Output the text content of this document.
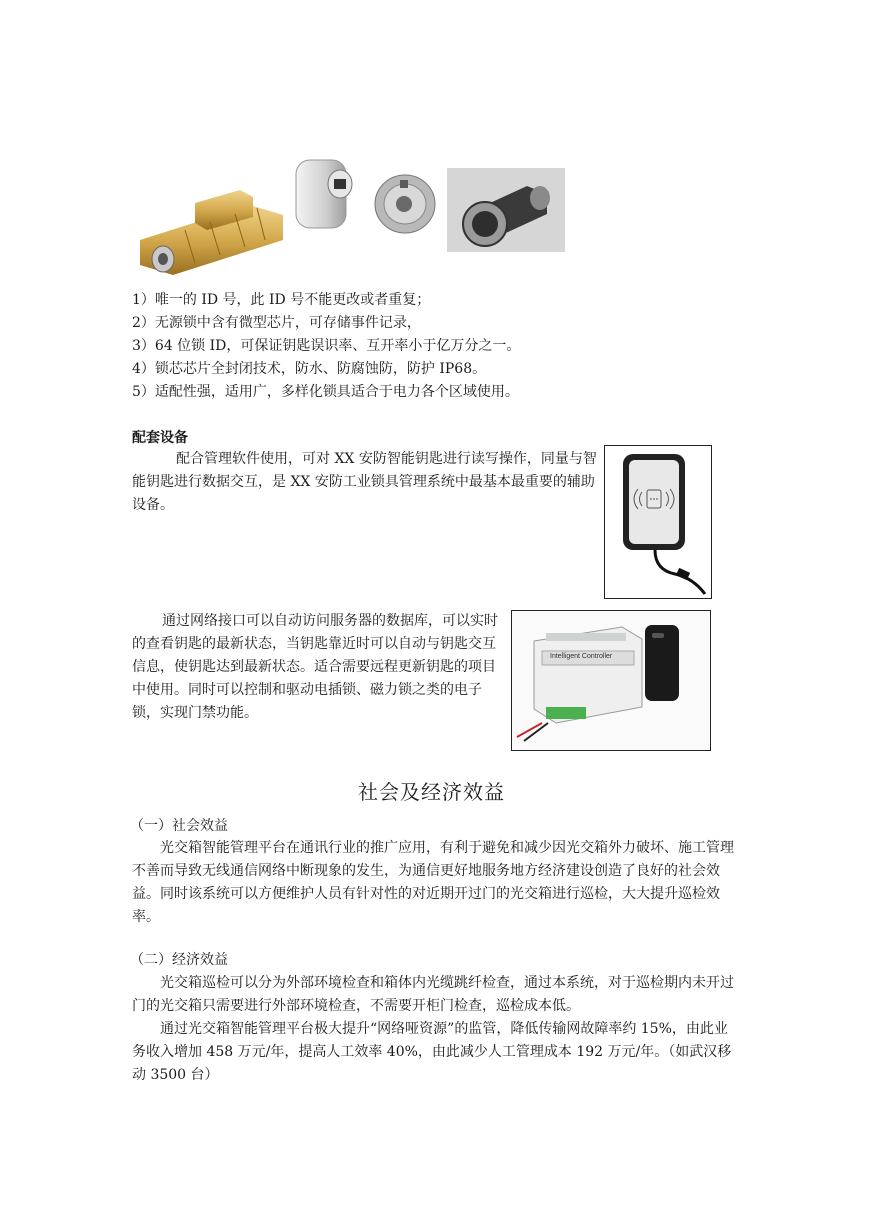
1）唯一的 ID 号，此 ID 号不能更改或者重复；
2）无源锁中含有微型芯片，可存储事件记录，
3）64 位锁 ID，可保证钥匙误识率、互开率小于亿万分之一。
4）锁芯芯片全封闭技术，防水、防腐蚀防，防护 IP68。
5）适配性强，适用广，多样化锁具适合于电力各个区域使用。
配套设备
配合管理软件使用，可对 XX 安防智能钥匙进行读写操作，同量与智能钥匙进行数据交互，是 XX 安防工业锁具管理系统中最基本最重要的辅助设备。
通过网络接口可以自动访问服务器的数据库，可以实时的查看钥匙的最新状态，当钥匙靠近时可以自动与钥匙交互信息，使钥匙达到最新状态。适合需要远程更新钥匙的项目中使用。同时可以控制和驱动电插锁、磁力锁之类的电子锁，实现门禁功能。
Intelligent Controller
社会及经济效益
（一）社会效益
光交箱智能管理平台在通讯行业的推广应用，有利于避免和减少因光交箱外力破坏、施工管理不善而导致无线通信网络中断现象的发生，为通信更好地服务地方经济建设创造了良好的社会效益。同时该系统可以方便维护人员有针对性的对近期开过门的光交箱进行巡检，大大提升巡检效率。
（二）经济效益
光交箱巡检可以分为外部环境检查和箱体内光缆跳纤检查，通过本系统，对于巡检期内未开过门的光交箱只需要进行外部环境检查，不需要开柜门检查，巡检成本低。
通过光交箱智能管理平台极大提升“网络哑资源”的监管，降低传输网故障率约 15%，由此业务收入增加 458 万元/年，提高人工效率 40%，由此减少人工管理成本 192 万元/年。（如武汉移动 3500 台）
